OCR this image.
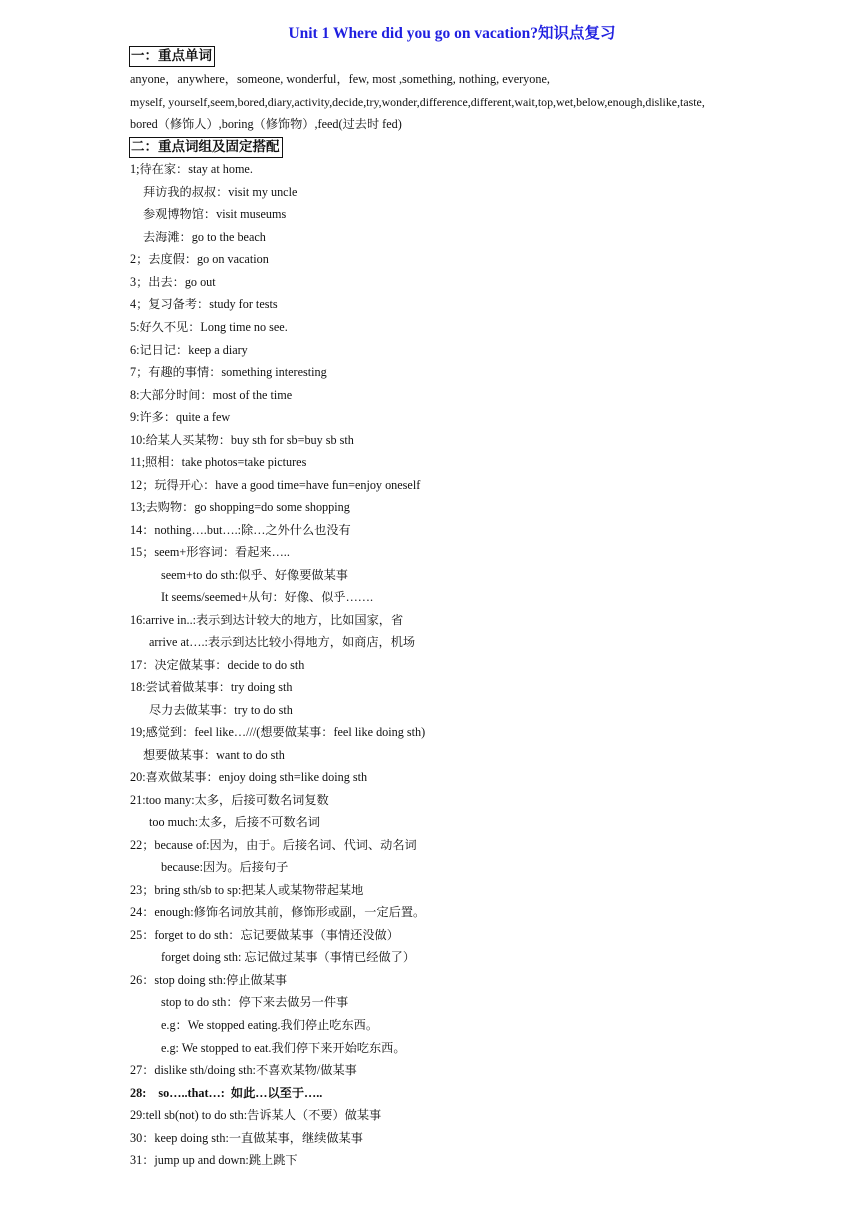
Unit 1 Where did you go on vacation?知识点复习
一：重点单词
anyone，anywhere，someone, wonderful，few, most ,something, nothing, everyone,
myself, yourself,seem,bored,diary,activity,decide,try,wonder,difference,different,wait,top,wet,below,enough,dislike,taste,
bored（修饰人）,boring（修饰物）,feed(过去时 fed)
二：重点词组及固定搭配
1;待在家：stay at home.
拜访我的叔叔：visit my uncle
参观博物馆：visit museums
去海滩：go to the beach
2；去度假：go on vacation
3；出去：go out
4；复习备考：study for tests
5:好久不见：Long time no see.
6:记日记：keep a diary
7；有趣的事情：something interesting
8:大部分时间：most of the time
9:许多：quite a few
10:给某人买某物：buy sth for sb=buy sb sth
11;照相：take photos=take pictures
12；玩得开心：have a good time=have fun=enjoy oneself
13;去购物：go shopping=do some shopping
14：nothing….but….:除…之外什么也没有
15；seem+形容词：看起来…..
seem+to do sth:似乎、好像要做某事
It seems/seemed+从句：好像、似乎…….
16:arrive in..:表示到达计较大的地方，比如国家，省
arrive at….:表示到达比较小得地方，如商店，机场
17：决定做某事：decide to do sth
18:尝试着做某事：try doing sth
尽力去做某事：try to do sth
19;感觉到：feel like…///(想要做某事：feel like doing sth)
想要做某事：want to do sth
20:喜欢做某事：enjoy doing sth=like doing sth
21:too many:太多，后接可数名词复数
too much:太多，后接不可数名词
22；because of:因为，由于。后接名词、代词、动名词
because:因为。后接句子
23；bring sth/sb to sp:把某人或某物带起某地
24：enough:修饰名词放其前，修饰形或副，一定后置。
25：forget to do sth：忘记要做某事（事情还没做）
forget doing sth: 忘记做过某事（事情已经做了）
26：stop doing sth:停止做某事
stop to do sth：停下来去做另一件事
e.g：We stopped eating.我们停止吃东西。
e.g: We stopped to eat.我们停下来开始吃东西。
27：dislike sth/doing sth:不喜欢某物/做某事
28:    so…..that…:  如此…以至于…..
29:tell sb(not) to do sth:告诉某人（不要）做某事
30：keep doing sth:一直做某事，继续做某事
31：jump up and down:跳上跳下
